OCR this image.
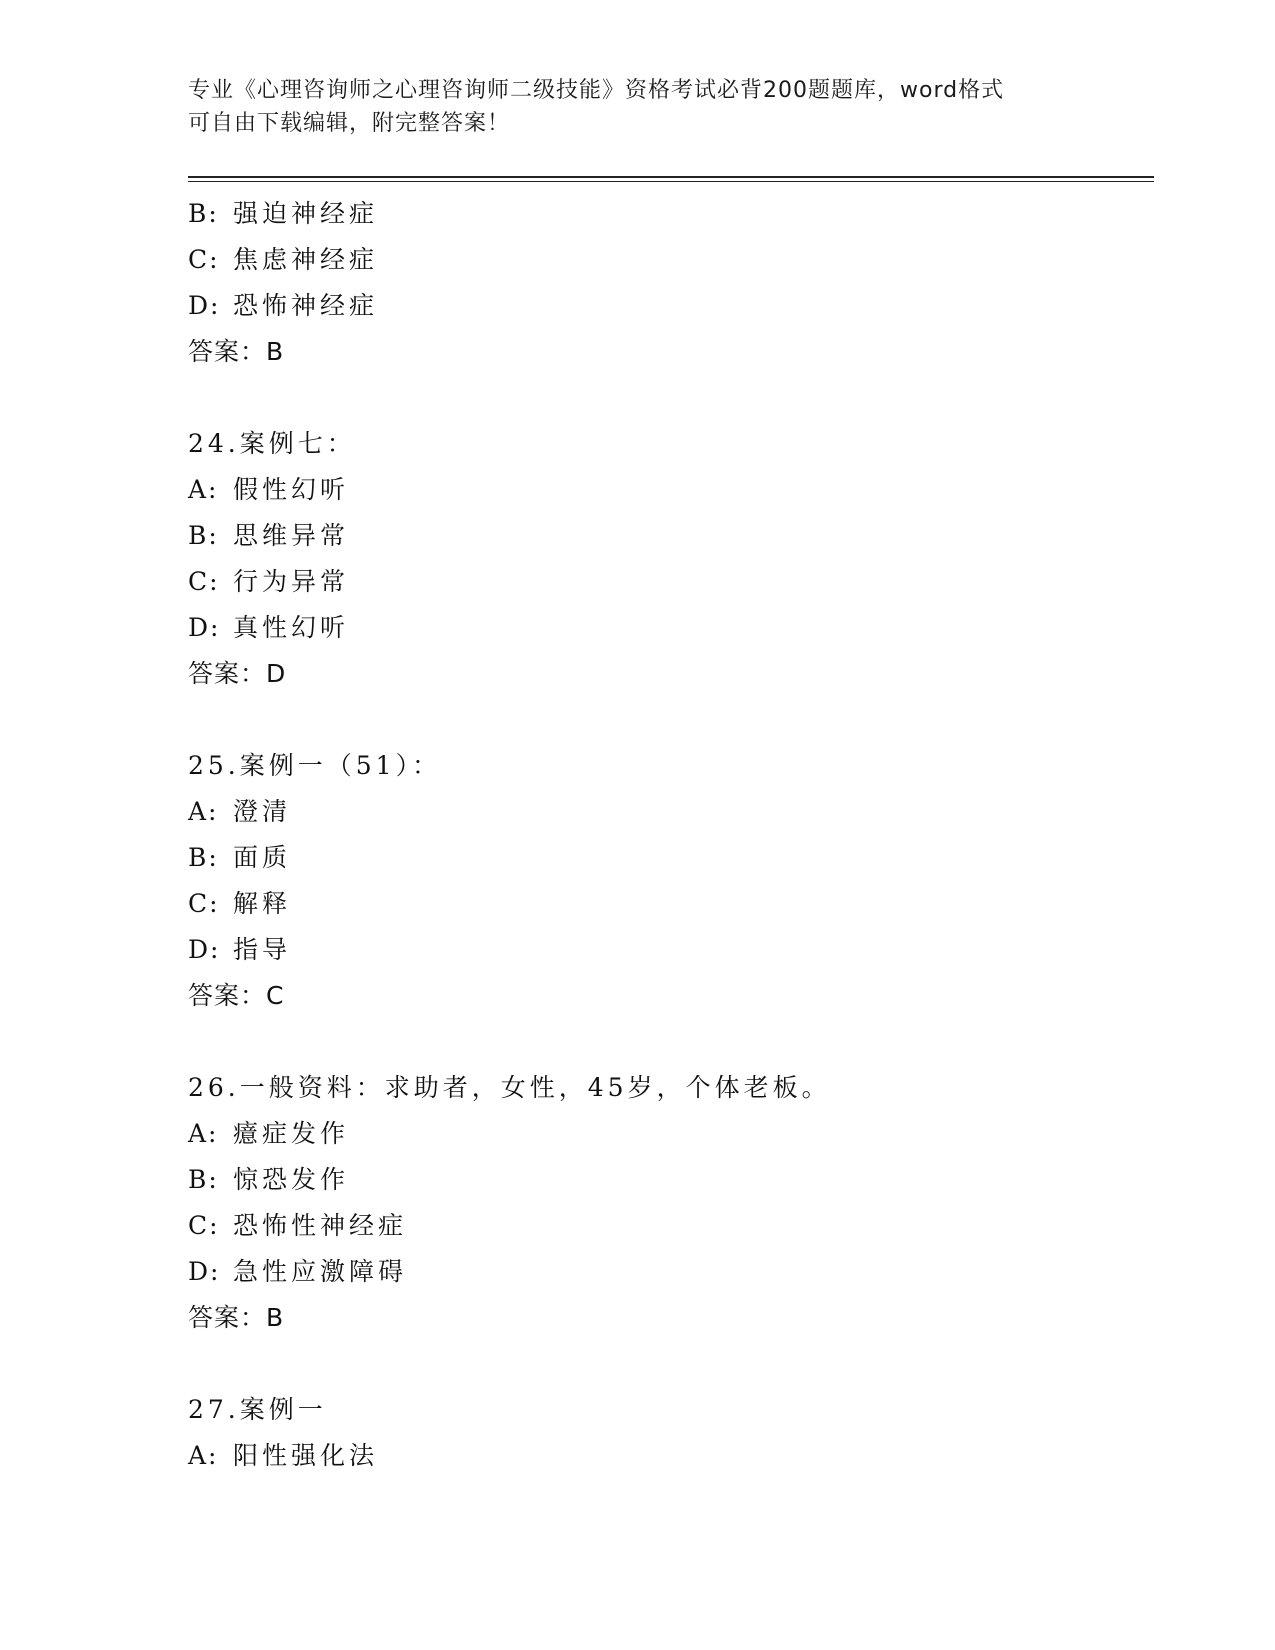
专业《心理咨询师之心理咨询师二级技能》资格考试必背200题题库，word格式
可自由下载编辑，附完整答案！
B: 强迫神经症
C: 焦虑神经症
D: 恐怖神经症
答案：B
24.案例七：
A: 假性幻听
B: 思维异常
C: 行为异常
D: 真性幻听
答案：D
25.案例一（51）：
A: 澄清
B: 面质
C: 解释
D: 指导
答案：C
26.一般资料：求助者，女性，45岁，个体老板。
A: 癔症发作
B: 惊恐发作
C: 恐怖性神经症
D: 急性应激障碍
答案：B
27.案例一
A: 阳性强化法
